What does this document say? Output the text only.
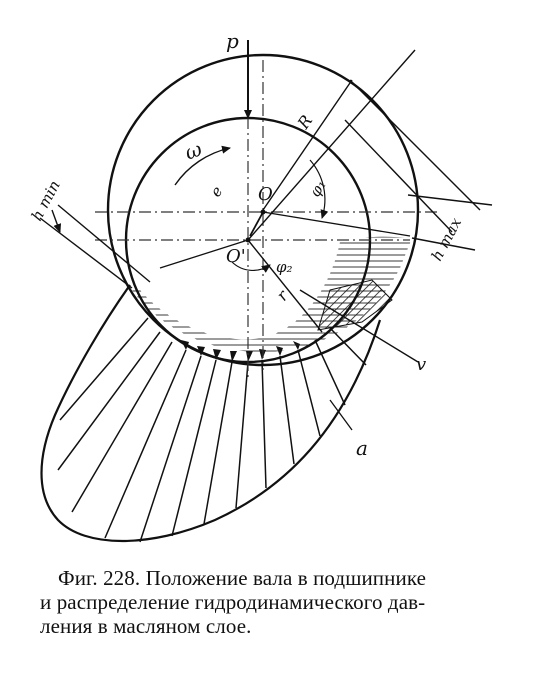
p
R
ω
e O
O'
φ₁
φ₂
r
h min
h max
v
a
Фиг. 228. Положение вала в подшипнике
и распределение гидродинамического дав-
ления в масляном слое.
